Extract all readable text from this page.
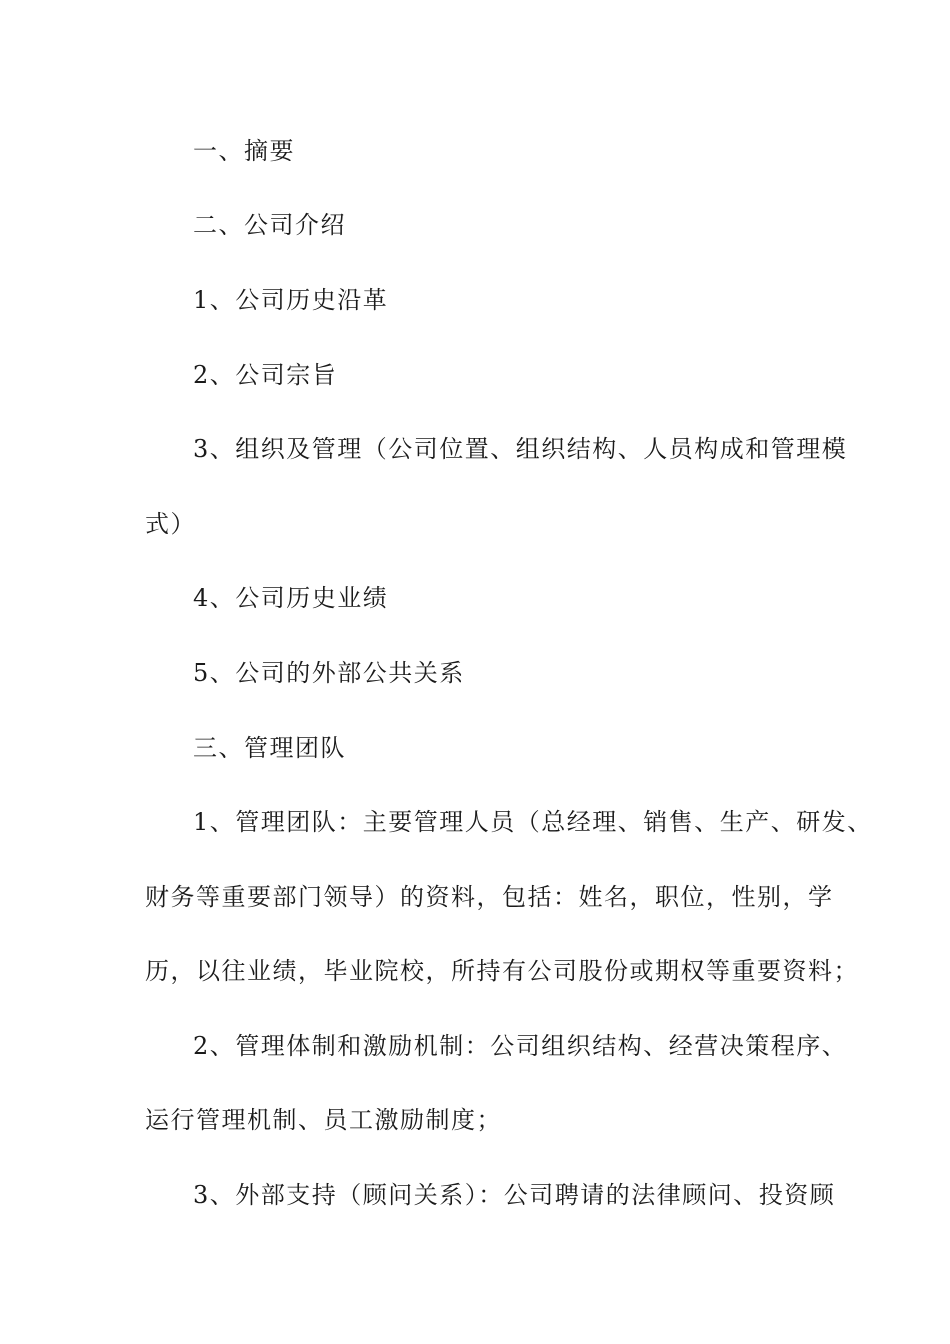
一、摘要
二、公司介绍
1、公司历史沿革
2、公司宗旨
3、组织及管理（公司位置、组织结构、人员构成和管理模
式）
4、公司历史业绩
5、公司的外部公共关系
三、管理团队
1、管理团队：主要管理人员（总经理、销售、生产、研发、
财务等重要部门领导）的资料，包括：姓名，职位，性别，学
历，以往业绩，毕业院校，所持有公司股份或期权等重要资料；
2、管理体制和激励机制：公司组织结构、经营决策程序、
运行管理机制、员工激励制度；
3、外部支持（顾问关系）：公司聘请的法律顾问、投资顾
